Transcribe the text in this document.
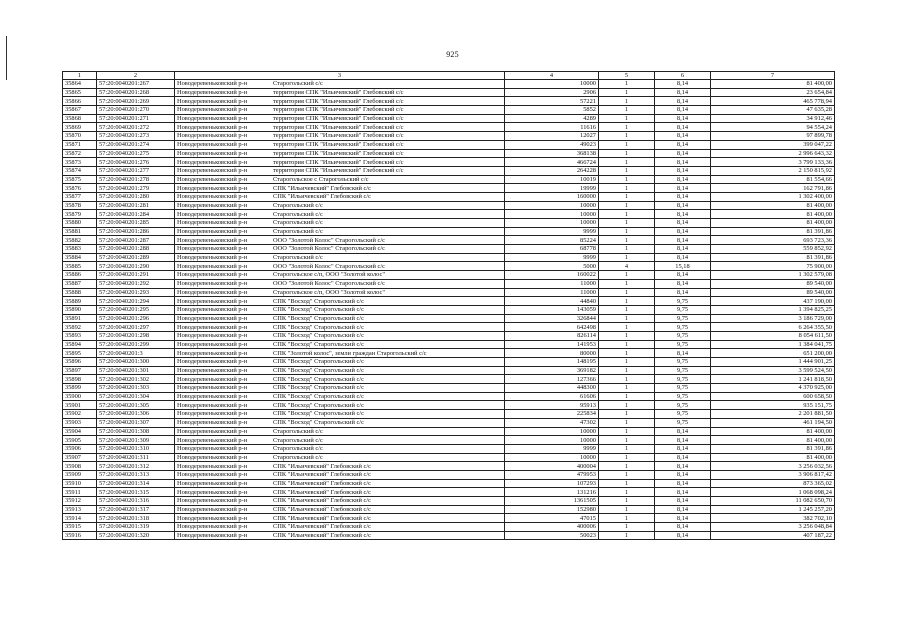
925
1	2	3	4	5	6	7
35864	57:20:0040201:267	Новодеревеньковский р-н Старогольский с/с	10000	1	8,14	81 400,00
35865	57:20:0040201:268	Новодеревеньковский р-н территория СПК "Ильичевский" Глебовский с/с	2906	1	8,14	23 654,84
35866	57:20:0040201:269	Новодеревеньковский р-н территория СПК "Ильичевский" Глебовский с/с	57221	1	8,14	465 778,94
35867	57:20:0040201:270	Новодеревеньковский р-н территория СПК "Ильичевский" Глебовский с/с	5852	1	8,14	47 635,28
35868	57:20:0040201:271	Новодеревеньковский р-н территория СПК "Ильичевский" Глебовский с/с	4289	1	8,14	34 912,46
35869	57:20:0040201:272	Новодеревеньковский р-н территория СПК "Ильичевский" Глебовский с/с	11616	1	8,14	94 554,24
35870	57:20:0040201:273	Новодеревеньковский р-н территория СПК "Ильичевский" Глебовский с/с	12027	1	8,14	97 899,78
35871	57:20:0040201:274	Новодеревеньковский р-н территория СПК "Ильичевский" Глебовский с/с	49023	1	8,14	399 047,22
35872	57:20:0040201:275	Новодеревеньковский р-н территория СПК "Ильичевский" Глебовский с/с	368138	1	8,14	2 996 643,32
35873	57:20:0040201:276	Новодеревеньковский р-н территория СПК "Ильичевский" Глебовский с/с	466724	1	8,14	3 799 133,36
35874	57:20:0040201:277	Новодеревеньковский р-н территория СПК "Ильичевский" Глебовский с/с	264228	1	8,14	2 150 815,92
35875	57:20:0040201:278	Новодеревеньковский р-н Старогольское с Старогольский с/с	10019	1	8,14	81 554,66
35876	57:20:0040201:279	Новодеревеньковский р-н СПК "Ильичевский" Глебовский с/с	19999	1	8,14	162 791,86
35877	57:20:0040201:280	Новодеревеньковский р-н СПК "Ильичевский" Глебовский с/с	160000	1	8,14	1 302 400,00
35878	57:20:0040201:281	Новодеревеньковский р-н Старогольский с/с	10000	1	8,14	81 400,00
35879	57:20:0040201:284	Новодеревеньковский р-н Старогольский с/с	10000	1	8,14	81 400,00
35880	57:20:0040201:285	Новодеревеньковский р-н Старогольский с/с	10000	1	8,14	81 400,00
35881	57:20:0040201:286	Новодеревеньковский р-н Старогольский с/с	9999	1	8,14	81 391,86
35882	57:20:0040201:287	Новодеревеньковский р-н ООО "Золотой Колос" Старогольский с/с	85224	1	8,14	693 723,36
35883	57:20:0040201:288	Новодеревеньковский р-н ООО "Золотой Колос" Старогольский с/с	68778	1	8,14	559 852,92
35884	57:20:0040201:289	Новодеревеньковский р-н Старогольский с/с	9999	1	8,14	81 391,86
35885	57:20:0040201:290	Новодеревеньковский р-н ООО "Золотой Колос" Старогольский с/с	5000	4	15,18	75 900,00
35886	57:20:0040201:291	Новодеревеньковский р-н Старогольское с/п, ООО "Золотой колос"	160022	1	8,14	1 302 579,08
35887	57:20:0040201:292	Новодеревеньковский р-н ООО "Золотой Колос" Старогольский с/с	11000	1	8,14	89 540,00
35888	57:20:0040201:293	Новодеревеньковский р-н Старогольское с/п, ООО "Золотой колос"	11000	1	8,14	89 540,00
35889	57:20:0040201:294	Новодеревеньковский р-н СПК "Восход" Старогольский с/с	44840	1	9,75	437 190,00
35890	57:20:0040201:295	Новодеревеньковский р-н СПК "Восход" Старогольский с/с	143059	1	9,75	1 394 825,25
35891	57:20:0040201:296	Новодеревеньковский р-н СПК "Восход" Старогольский с/с	326844	1	9,75	3 186 729,00
35892	57:20:0040201:297	Новодеревеньковский р-н СПК "Восход" Старогольский с/с	642498	1	9,75	6 264 355,50
35893	57:20:0040201:298	Новодеревеньковский р-н СПК "Восход" Старогольский с/с	826114	1	9,75	8 054 611,50
35894	57:20:0040201:299	Новодеревеньковский р-н СПК "Восход" Старогольский с/с	141953	1	9,75	1 384 041,75
35895	57:20:0040201:3	Новодеревеньковский р-н СПК "Золотой колос", земли граждан Старогольский с/с	80000	1	8,14	651 200,00
35896	57:20:0040201:300	Новодеревеньковский р-н СПК "Восход" Старогольский с/с	148195	1	9,75	1 444 901,25
35897	57:20:0040201:301	Новодеревеньковский р-н СПК "Восход" Старогольский с/с	369182	1	9,75	3 599 524,50
35898	57:20:0040201:302	Новодеревеньковский р-н СПК "Восход" Старогольский с/с	127366	1	9,75	1 241 818,50
35899	57:20:0040201:303	Новодеревеньковский р-н СПК "Восход" Старогольский с/с	448300	1	9,75	4 370 925,00
35900	57:20:0040201:304	Новодеревеньковский р-н СПК "Восход" Старогольский с/с	61606	1	9,75	600 658,50
35901	57:20:0040201:305	Новодеревеньковский р-н СПК "Восход" Старогольский с/с	95913	1	9,75	935 151,75
35902	57:20:0040201:306	Новодеревеньковский р-н СПК "Восход" Старогольский с/с	225834	1	9,75	2 201 881,50
35903	57:20:0040201:307	Новодеревеньковский р-н СПК "Восход" Старогольский с/с	47302	1	9,75	461 194,50
35904	57:20:0040201:308	Новодеревеньковский р-н Старогольский с/с	10000	1	8,14	81 400,00
35905	57:20:0040201:309	Новодеревеньковский р-н Старогольский с/с	10000	1	8,14	81 400,00
35906	57:20:0040201:310	Новодеревеньковский р-н Старогольский с/с	9999	1	8,14	81 391,86
35907	57:20:0040201:311	Новодеревеньковский р-н Старогольский с/с	10000	1	8,14	81 400,00
35908	57:20:0040201:312	Новодеревеньковский р-н СПК "Ильичевский" Глебовский с/с	400004	1	8,14	3 256 032,56
35909	57:20:0040201:313	Новодеревеньковский р-н СПК "Ильичевский" Глебовский с/с	479953	1	8,14	3 906 817,42
35910	57:20:0040201:314	Новодеревеньковский р-н СПК "Ильичевский" Глебовский с/с	107293	1	8,14	873 365,02
35911	57:20:0040201:315	Новодеревеньковский р-н СПК "Ильичевский" Глебовский с/с	131216	1	8,14	1 068 098,24
35912	57:20:0040201:316	Новодеревеньковский р-н СПК "Ильичевский" Глебовский с/с	1361505	1	8,14	11 082 650,70
35913	57:20:0040201:317	Новодеревеньковский р-н СПК "Ильичевский" Глебовский с/с	152980	1	8,14	1 245 257,20
35914	57:20:0040201:318	Новодеревеньковский р-н СПК "Ильичевский" Глебовский с/с	47015	1	8,14	382 702,10
35915	57:20:0040201:319	Новодеревеньковский р-н СПК "Ильичевский" Глебовский с/с	400006	1	8,14	3 256 048,84
35916	57:20:0040201:320	Новодеревеньковский р-н СПК "Ильичевский" Глебовский с/с	50023	1	8,14	407 187,22
